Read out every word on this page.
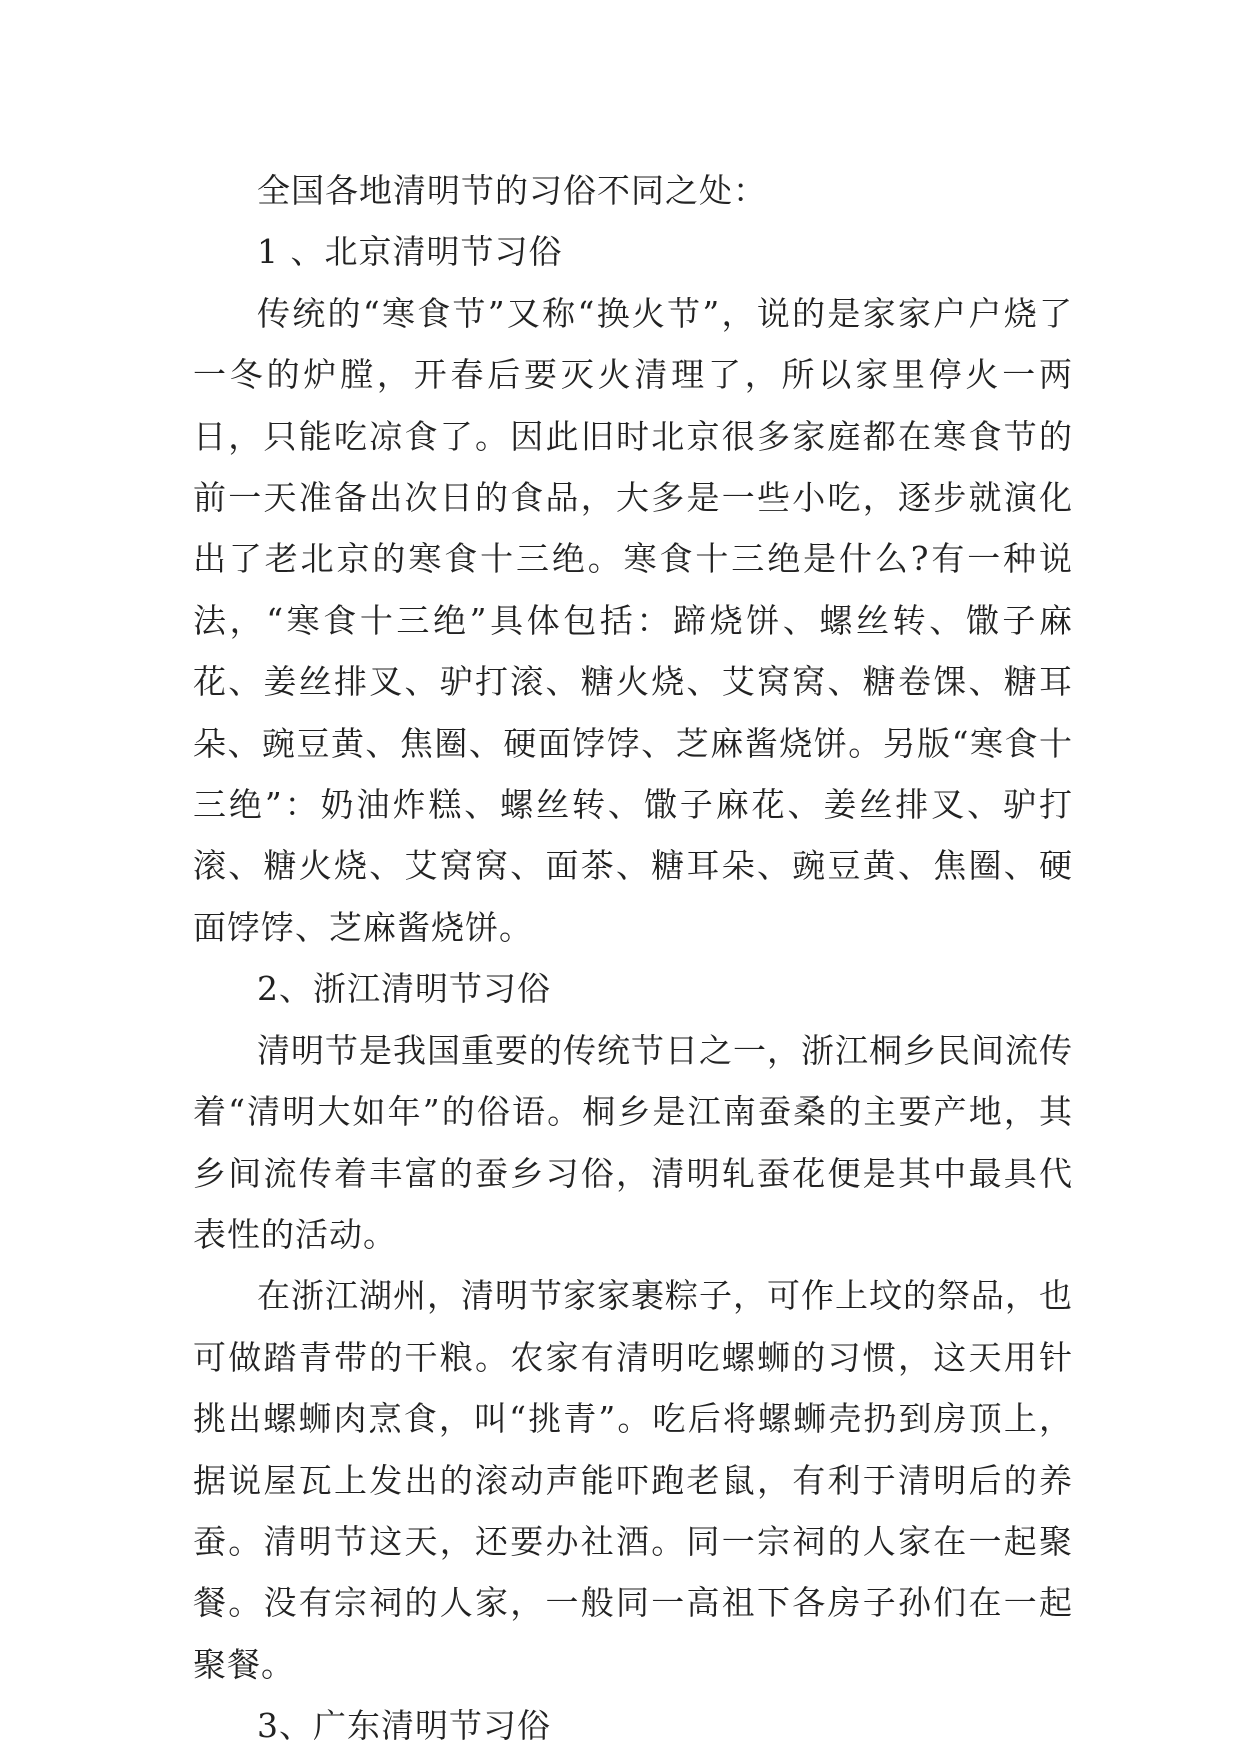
全国各地清明节的习俗不同之处：

1 、北京清明节习俗

传统的“寒食节”又称“换火节”，说的是家家户户烧了一冬的炉膛，开春后要灭火清理了，所以家里停火一两日，只能吃凉食了。因此旧时北京很多家庭都在寒食节的前一天准备出次日的食品，大多是一些小吃，逐步就演化出了老北京的寒食十三绝。寒食十三绝是什么?有一种说法，“寒食十三绝”具体包括：蹄烧饼、螺丝转、馓子麻花、姜丝排叉、驴打滚、糖火烧、艾窝窝、糖卷馃、糖耳朵、豌豆黄、焦圈、硬面饽饽、芝麻酱烧饼。另版“寒食十三绝”：奶油炸糕、螺丝转、馓子麻花、姜丝排叉、驴打滚、糖火烧、艾窝窝、面茶、糖耳朵、豌豆黄、焦圈、硬面饽饽、芝麻酱烧饼。

2、浙江清明节习俗

清明节是我国重要的传统节日之一，浙江桐乡民间流传着“清明大如年”的俗语。桐乡是江南蚕桑的主要产地，其乡间流传着丰富的蚕乡习俗，清明轧蚕花便是其中最具代表性的活动。

在浙江湖州，清明节家家裹粽子，可作上坟的祭品，也可做踏青带的干粮。农家有清明吃螺蛳的习惯，这天用针挑出螺蛳肉烹食，叫“挑青”。吃后将螺蛳壳扔到房顶上，据说屋瓦上发出的滚动声能吓跑老鼠，有利于清明后的养蚕。清明节这天，还要办社酒。同一宗祠的人家在一起聚餐。没有宗祠的人家，一般同一高祖下各房子孙们在一起聚餐。

3、广东清明节习俗
